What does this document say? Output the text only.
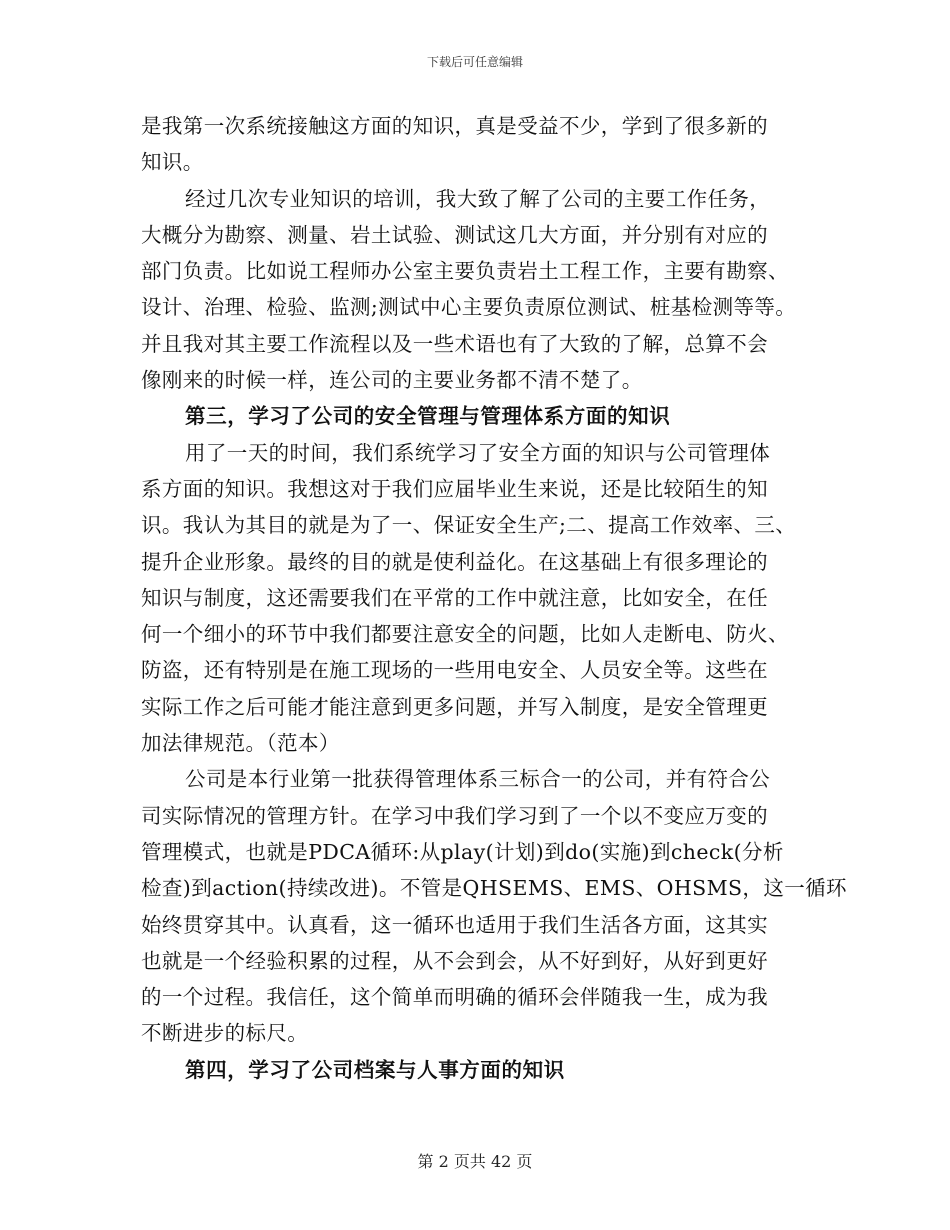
下载后可任意编辑
是我第一次系统接触这方面的知识，真是受益不少，学到了很多新的
知识。
经过几次专业知识的培训，我大致了解了公司的主要工作任务，
大概分为勘察、测量、岩土试验、测试这几大方面，并分别有对应的
部门负责。比如说工程师办公室主要负责岩土工程工作，主要有勘察、
设计、治理、检验、监测;测试中心主要负责原位测试、桩基检测等等。
并且我对其主要工作流程以及一些术语也有了大致的了解，总算不会
像刚来的时候一样，连公司的主要业务都不清不楚了。
第三，学习了公司的安全管理与管理体系方面的知识
用了一天的时间，我们系统学习了安全方面的知识与公司管理体
系方面的知识。我想这对于我们应届毕业生来说，还是比较陌生的知
识。我认为其目的就是为了一、保证安全生产;二、提高工作效率、三、
提升企业形象。最终的目的就是使利益化。在这基础上有很多理论的
知识与制度，这还需要我们在平常的工作中就注意，比如安全，在任
何一个细小的环节中我们都要注意安全的问题，比如人走断电、防火、
防盗，还有特别是在施工现场的一些用电安全、人员安全等。这些在
实际工作之后可能才能注意到更多问题，并写入制度，是安全管理更
加法律规范。（范本）
公司是本行业第一批获得管理体系三标合一的公司，并有符合公
司实际情况的管理方针。在学习中我们学习到了一个以不变应万变的
管理模式，也就是PDCA循环:从play(计划)到do(实施)到check(分析
检查)到action(持续改进)。不管是QHSEMS、EMS、OHSMS，这一循环
始终贯穿其中。认真看，这一循环也适用于我们生活各方面，这其实
也就是一个经验积累的过程，从不会到会，从不好到好，从好到更好
的一个过程。我信任，这个简单而明确的循环会伴随我一生，成为我
不断进步的标尺。
第四，学习了公司档案与人事方面的知识
第 2 页共 42 页
